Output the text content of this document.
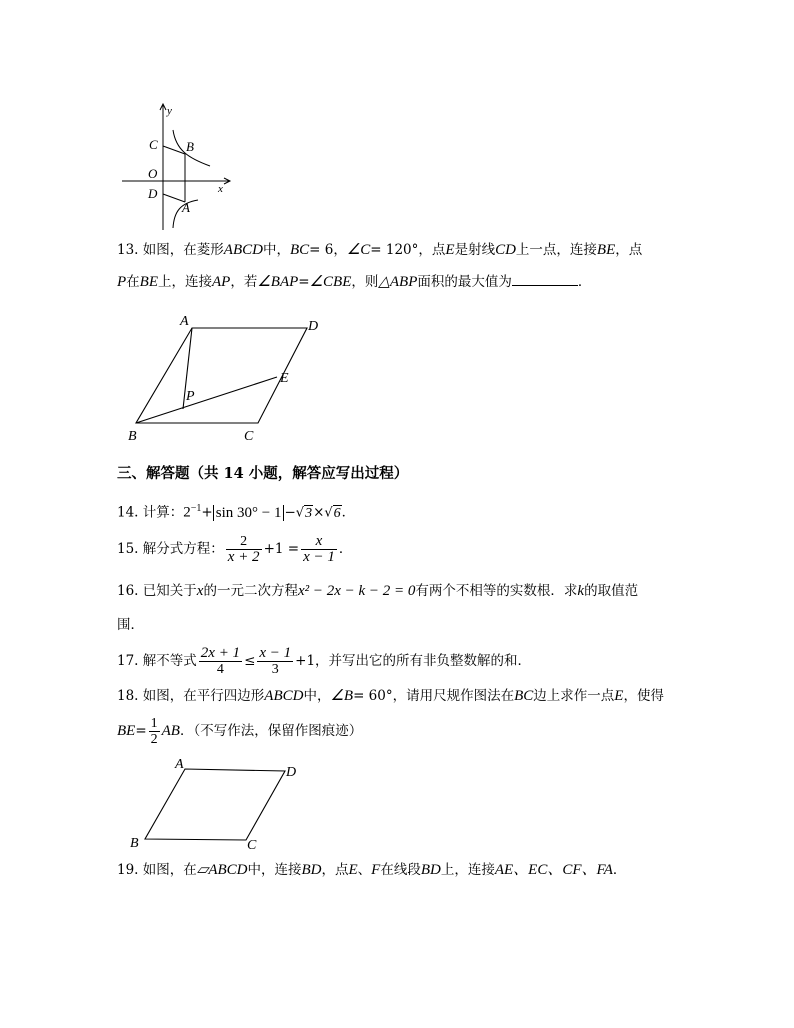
y
x
O
C B
D
A
13. 如图，在菱形ABCD中，BC= 6，∠C= 120°，点E是射线CD上一点，连接BE，点
P在BE上，连接AP，若∠BAP=∠CBE，则△ABP面积的最大值为	．
A	D
E
P
B	C
三、解答题（共 14 小题，解答应写出过程）
14. 计算：$2^{-1}+ \sin 30^\circ - 1 -√3\times√6$．
15. 解分式方程： $\frac{2}{x + 2} +1 = \frac{x}{x - 1}$ ．
16. 已知关于x的一元二次方程x² − 2x − k − 2 = 0有两个不相等的实数根．求k的取值范
围．
17. 解不等式 $\frac{2x + 1}{4} \le \frac{x - 1}{3} +1$，并写出它的所有非负整数解的和．
18. 如图，在平行四边形ABCD中，∠B= 60°，请用尺规作图法在BC边上求作一点E，使得
$BE= \frac{1}{2}$ AB．（不写作法，保留作图痕迹）
A
D
B	C
19. 如图，在▱ABCD中，连接BD，点E、F在线段BD上，连接AE、EC、CF、FA．
